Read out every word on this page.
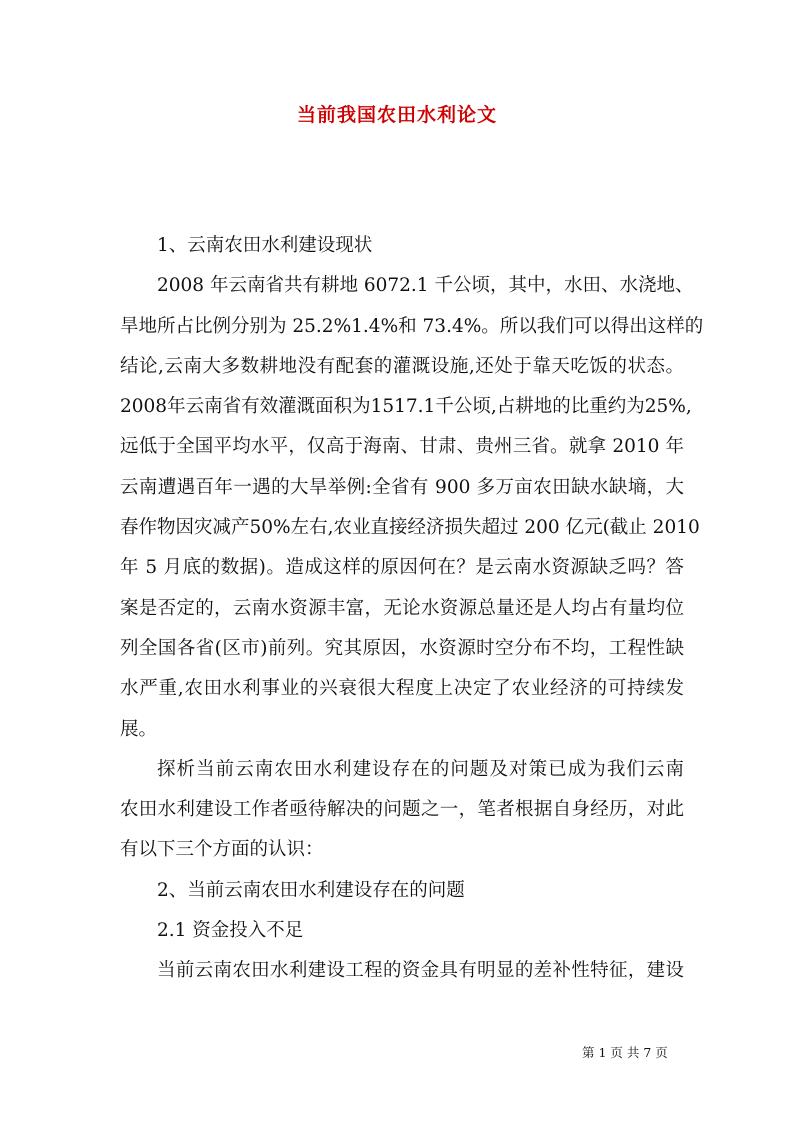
当前我国农田水利论文
1、云南农田水利建设现状
2008 年云南省共有耕地 6072.1 千公顷，其中，水田、水浇地、
旱地所占比例分别为 25.2%1.4%和 73.4%。所以我们可以得出这样的
结论,云南大多数耕地没有配套的灌溉设施,还处于靠天吃饭的状态。
2008年云南省有效灌溉面积为1517.1千公顷,占耕地的比重约为25%,
远低于全国平均水平，仅高于海南、甘肃、贵州三省。就拿 2010 年
云南遭遇百年一遇的大旱举例:全省有 900 多万亩农田缺水缺墒，大
春作物因灾减产50%左右,农业直接经济损失超过 200 亿元(截止 2010
年 5 月底的数据)。造成这样的原因何在？是云南水资源缺乏吗？答
案是否定的，云南水资源丰富，无论水资源总量还是人均占有量均位
列全国各省(区市)前列。究其原因，水资源时空分布不均，工程性缺
水严重,农田水利事业的兴衰很大程度上决定了农业经济的可持续发
展。
探析当前云南农田水利建设存在的问题及对策已成为我们云南
农田水利建设工作者亟待解决的问题之一，笔者根据自身经历，对此
有以下三个方面的认识：
2、当前云南农田水利建设存在的问题
2.1 资金投入不足
当前云南农田水利建设工程的资金具有明显的差补性特征，建设
第 1 页 共 7 页
